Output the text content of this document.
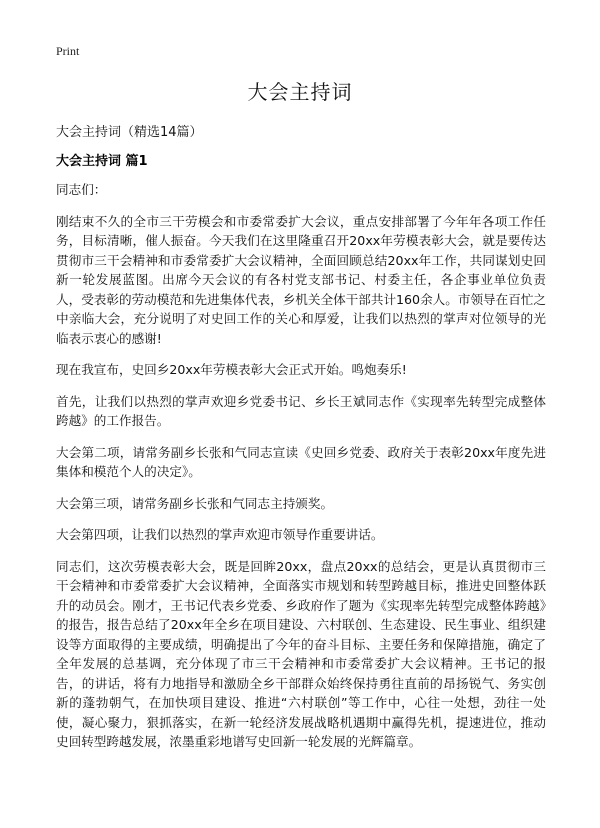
Print
大会主持词
大会主持词（精选14篇）
大会主持词 篇1

同志们：

刚结束不久的全市三干劳模会和市委常委扩大会议，重点安排部署了今年年各项工作任务，目标清晰，催人振奋。今天我们在这里隆重召开20xx年劳模表彰大会，就是要传达贯彻市三干会精神和市委常委扩大会议精神，全面回顾总结20xx年工作，共同谋划史回新一轮发展蓝图。出席今天会议的有各村党支部书记、村委主任，各企事业单位负责人，受表彰的劳动模范和先进集体代表，乡机关全体干部共计160余人。市领导在百忙之中亲临大会，充分说明了对史回工作的关心和厚爱，让我们以热烈的掌声对位领导的光临表示衷心的感谢!

现在我宣布，史回乡20xx年劳模表彰大会正式开始。鸣炮奏乐!

首先，让我们以热烈的掌声欢迎乡党委书记、乡长王斌同志作《实现率先转型完成整体跨越》的工作报告。

大会第二项，请常务副乡长张和气同志宣读《史回乡党委、政府关于表彰20xx年度先进集体和模范个人的决定》。

大会第三项，请常务副乡长张和气同志主持颁奖。

大会第四项，让我们以热烈的掌声欢迎市领导作重要讲话。

同志们，这次劳模表彰大会，既是回眸20xx，盘点20xx的总结会，更是认真贯彻市三干会精神和市委常委扩大会议精神，全面落实市规划和转型跨越目标，推进史回整体跃升的动员会。刚才，王书记代表乡党委、乡政府作了题为《实现率先转型完成整体跨越》的报告，报告总结了20xx年全乡在项目建设、六村联创、生态建设、民生事业、组织建设等方面取得的主要成绩，明确提出了今年的奋斗目标、主要任务和保障措施，确定了全年发展的总基调，充分体现了市三干会精神和市委常委扩大会议精神。王书记的报告，的讲话，将有力地指导和激励全乡干部群众始终保持勇往直前的昂扬锐气、务实创新的蓬勃朝气，在加快项目建设、推进“六村联创”等工作中，心往一处想，劲往一处使，凝心聚力，狠抓落实，在新一轮经济发展战略机遇期中赢得先机，提速进位，推动史回转型跨越发展，浓墨重彩地谱写史回新一轮发展的光辉篇章。
